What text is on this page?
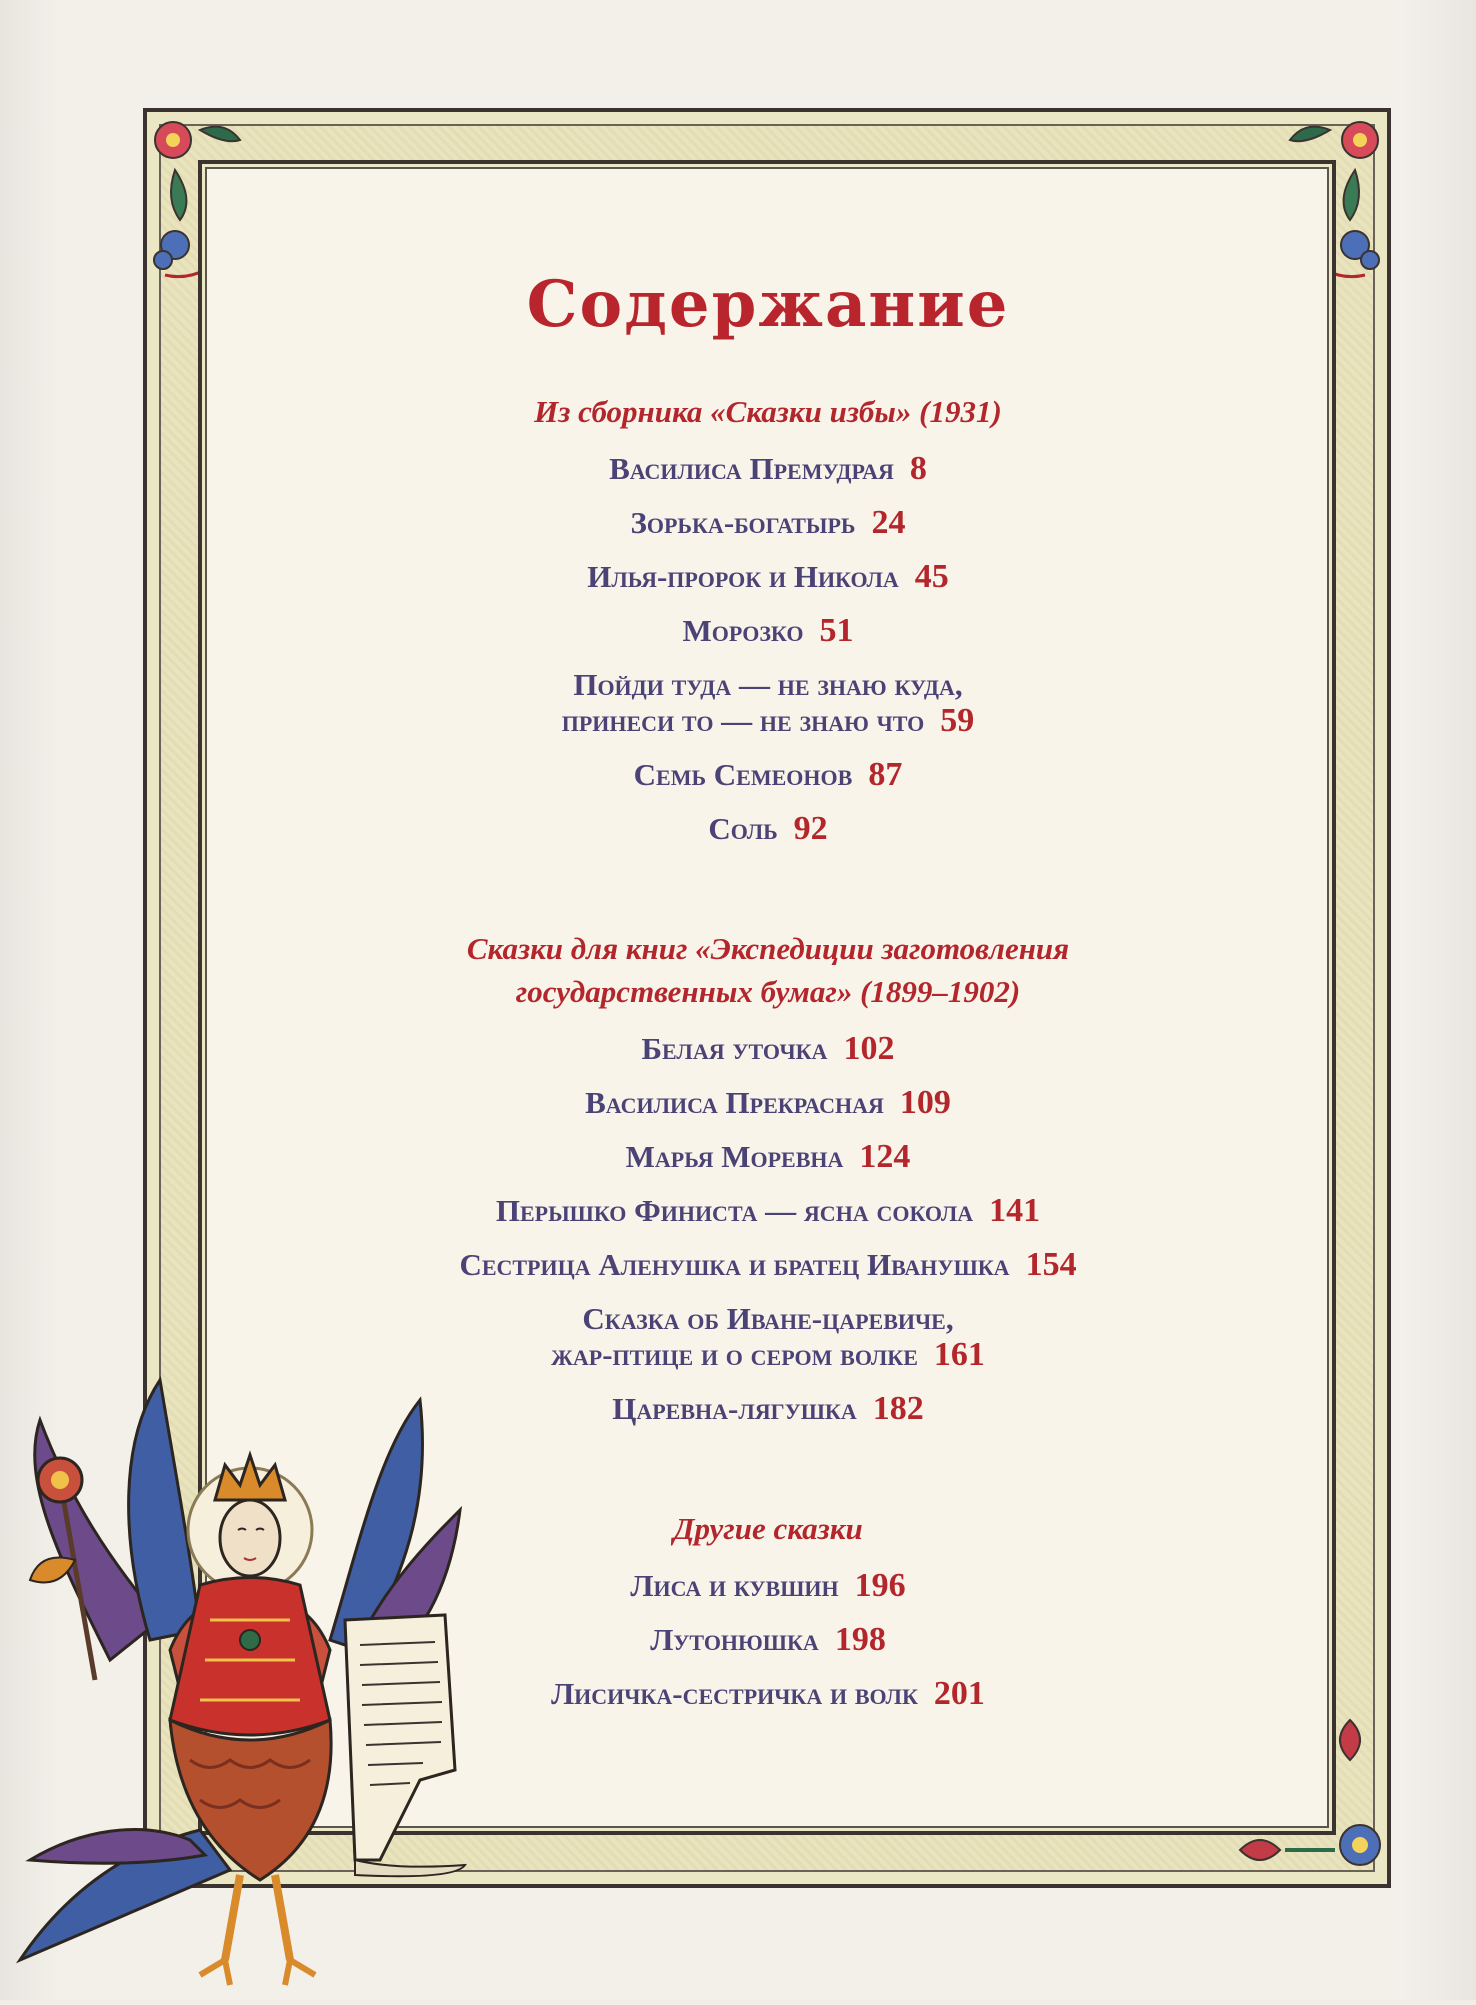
Содержание
Из сборника «Сказки избы» (1931)
Василиса Премудрая 8
Зорька-богатырь 24
Илья-пророк и Никола 45
Морозко 51
Пойди туда — не знаю куда,
принеси то — не знаю что 59
Семь Семеонов 87
Соль 92
Сказки для книг «Экспедиции заготовления
государственных бумаг» (1899–1902)
Белая уточка 102
Василиса Прекрасная 109
Марья Моревна 124
Перышко Финиста — ясна сокола 141
Сестрица Аленушка и братец Иванушка 154
Сказка об Иване-царевиче,
жар-птице и о сером волке 161
Царевна-лягушка 182
Другие сказки
Лиса и кувшин 196
Лутонюшка 198
Лисичка-сестричка и волк 201
